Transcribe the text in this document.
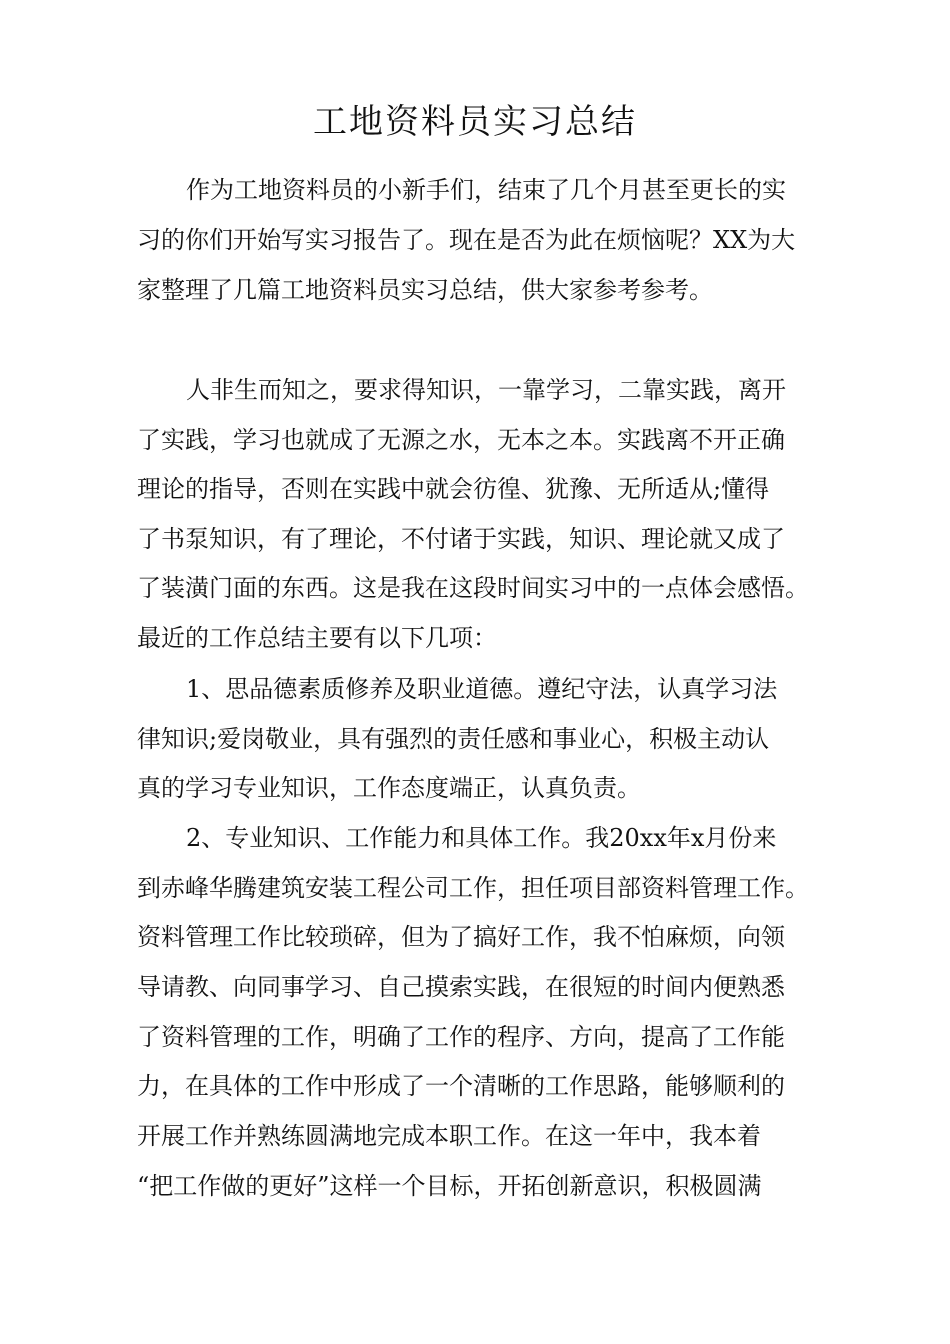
工地资料员实习总结
作为工地资料员的小新手们，结束了几个月甚至更长的实
习的你们开始写实习报告了。现在是否为此在烦恼呢？XX为大
家整理了几篇工地资料员实习总结，供大家参考参考。
人非生而知之，要求得知识，一靠学习，二靠实践，离开
了实践，学习也就成了无源之水，无本之本。实践离不开正确
理论的指导，否则在实践中就会彷徨、犹豫、无所适从;懂得
了书泵知识，有了理论，不付诸于实践，知识、理论就又成了
了装潢门面的东西。这是我在这段时间实习中的一点体会感悟。
最近的工作总结主要有以下几项：
1、思品德素质修养及职业道德。遵纪守法，认真学习法
律知识;爱岗敬业，具有强烈的责任感和事业心，积极主动认
真的学习专业知识，工作态度端正，认真负责。
2、专业知识、工作能力和具体工作。我20xx年x月份来
到赤峰华腾建筑安装工程公司工作，担任项目部资料管理工作。
资料管理工作比较琐碎，但为了搞好工作，我不怕麻烦，向领
导请教、向同事学习、自己摸索实践，在很短的时间内便熟悉
了资料管理的工作，明确了工作的程序、方向，提高了工作能
力，在具体的工作中形成了一个清晰的工作思路，能够顺利的
开展工作并熟练圆满地完成本职工作。在这一年中，我本着
“把工作做的更好”这样一个目标，开拓创新意识，积极圆满
